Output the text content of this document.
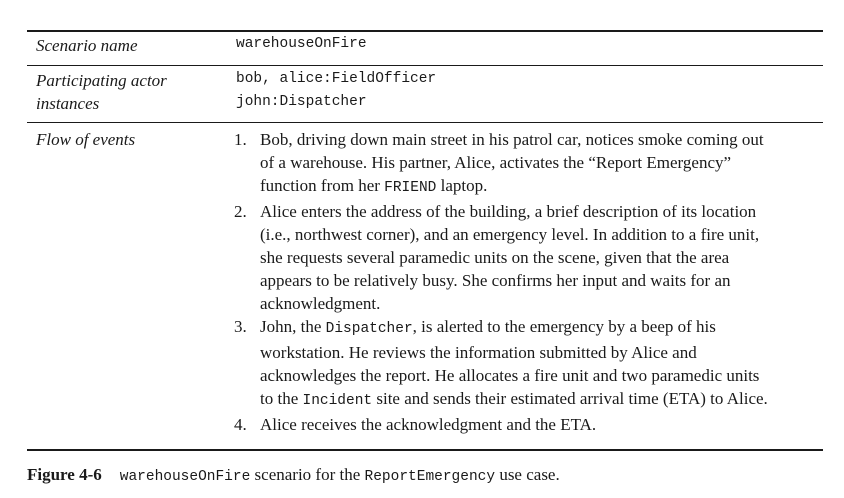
Scenario name	warehouseOnFire
Participating actor
instances
bob, alice:FieldOfficer
john:Dispatcher
Flow of events	1. Bob, driving down main street in his patrol car, notices smoke coming out
of a warehouse. His partner, Alice, activates the “Report Emergency”
function from her FRIEND laptop.
2. Alice enters the address of the building, a brief description of its location
(i.e., northwest corner), and an emergency level. In addition to a fire unit,
she requests several paramedic units on the scene, given that the area
appears to be relatively busy. She confirms her input and waits for an
acknowledgment.
3. John, the Dispatcher, is alerted to the emergency by a beep of his
workstation. He reviews the information submitted by Alice and
acknowledges the report. He allocates a fire unit and two paramedic units
to the Incident site and sends their estimated arrival time (ETA) to Alice.
4. Alice receives the acknowledgment and the ETA.
Figure 4-6 warehouseOnFire scenario for the ReportEmergency use case.
